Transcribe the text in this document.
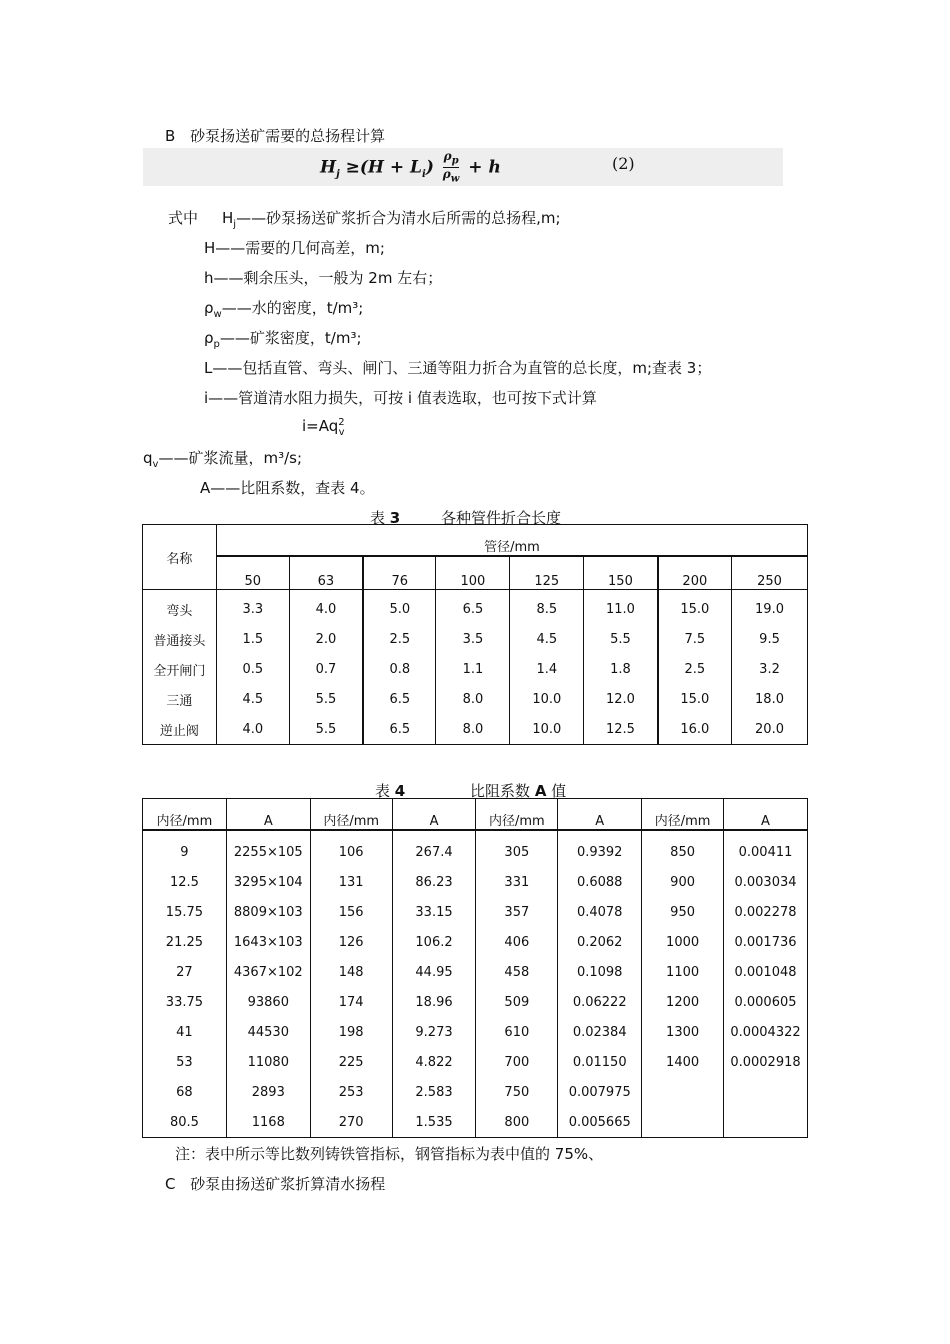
B 砂泵扬送矿需要的总扬程计算
$H_j \ge(H + L_i) \frac{\rho_p}{\rho_w} + h$	(2)
式中 $H_j——$砂泵扬送矿浆折合为清水后所需的总扬程,m;
H——需要的几何高差，m;
h——剩余压头，一般为 2m 左右；
$\rho_w——$水的密度，t/m³;
$\rho_p——$矿浆密度，t/m³;
L——包括直管、弯头、闸门、三通等阻力折合为直管的总长度，m;查表 3；
i——管道清水阻力损失，可按 i 值表选取，也可按下式计算
$i=Aq^2_v$
$q_v——$矿浆流量，m³/s;
A——比阻系数，查表 4。
表 3	各种管件折合长度
名称	管径/mm							
	50	63	76	100	125	150	200	250
弯头	3.3	4.0	5.0	6.5	8.5	11.0	15.0	19.0
普通接头	1.5	2.0	2.5	3.5	4.5	5.5	7.5	9.5
全开闸门	0.5	0.7	0.8	1.1	1.4	1.8	2.5	3.2
三通	4.5	5.5	6.5	8.0	10.0	12.0	15.0	18.0
逆止阀	4.0	5.5	6.5	8.0	10.0	12.5	16.0	20.0
表 4	比阻系数 A 值
内径/mm	A	内径/mm	A	内径/mm	A	内径/mm	A
9	2255×105	106	267.4	305	0.9392	850	0.00411
12.5	3295×104	131	86.23	331	0.6088	900	0.003034
15.75	8809×103	156	33.15	357	0.4078	950	0.002278
21.25	1643×103	126	106.2	406	0.2062	1000	0.001736
27	4367×102	148	44.95	458	0.1098	1100	0.001048
33.75	93860	174	18.96	509	0.06222	1200	0.000605
41	44530	198	9.273	610	0.02384	1300	0.0004322
53	11080	225	4.822	700	0.01150	1400	0.0002918
68	2893	253	2.583	750	0.007975		
80.5	1168	270	1.535	800	0.005665		
注：表中所示等比数列铸铁管指标，钢管指标为表中值的 75%、
C 砂泵由扬送矿浆折算清水扬程
